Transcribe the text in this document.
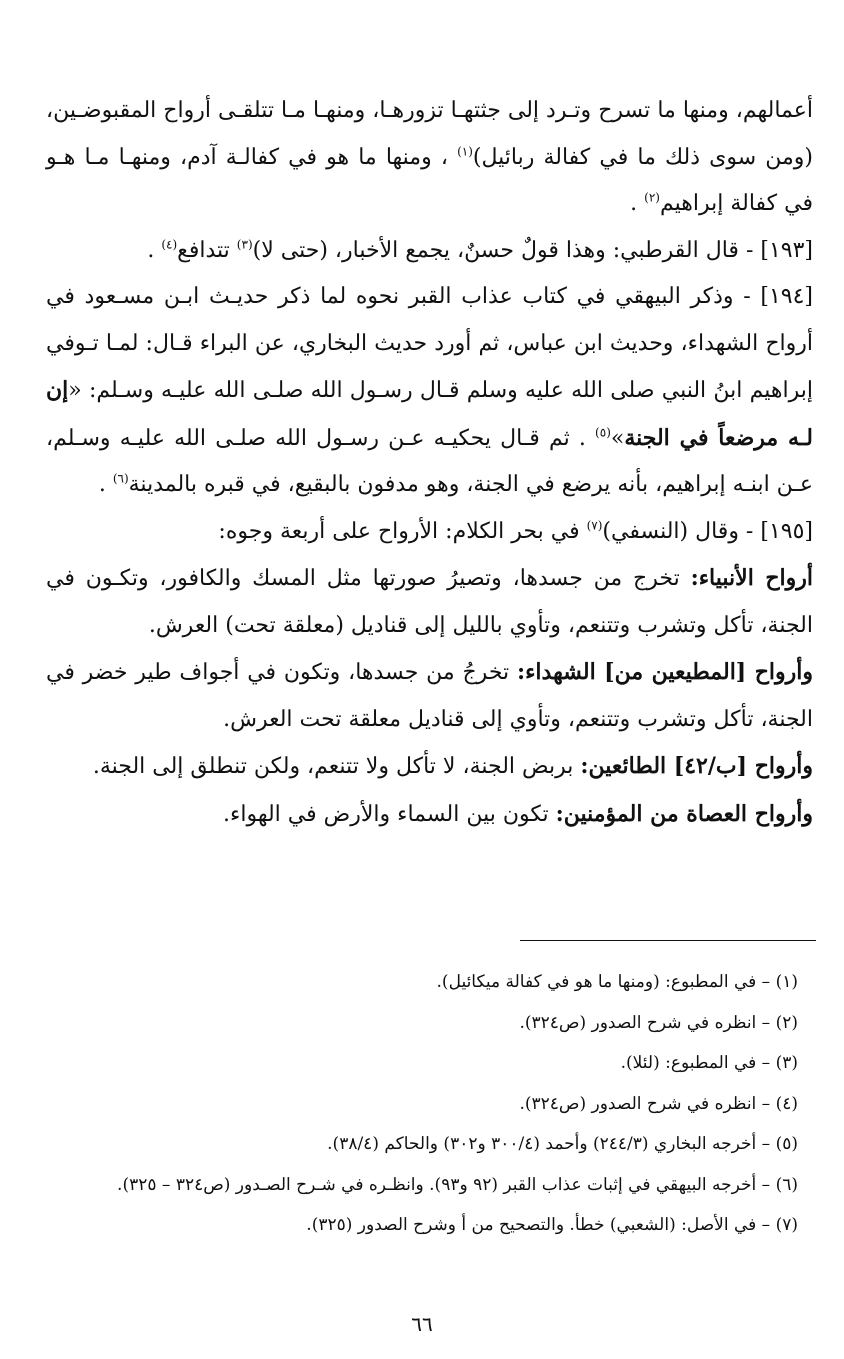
أعمالهم، ومنها ما تسرح وتـرد إلى جثتهـا تزورهـا، ومنهـا مـا تتلقـى أرواح المقبوضـين، (ومن سوى ذلك ما في كفالة ربائيل)$^{(١)}$ ، ومنها ما هو في كفالـة آدم، ومنهـا مـا هـو في كفالة إبراهيم$^{(٢)}$ .

[١٩٣] - قال القرطبي: وهذا قولٌ حسنٌ، يجمع الأخبار، (حتى لا)$^{(٣)}$ تتدافع$^{(٤)}$ .

[١٩٤] - وذكر البيهقي في كتاب عذاب القبر نحوه لما ذكر حديـث ابـن مسـعود في أرواح الشهداء، وحديث ابن عباس، ثم أورد حديث البخاري، عن البراء قـال: لمـا تـوفي إبراهيم ابنُ النبي صلى الله عليه وسلم قـال رسـول الله صلـى الله عليـه وسـلم: «إن لـه مرضعاً في الجنة»$^{(٥)}$ . ثم قـال يحكيـه عـن رسـول الله صلـى الله عليـه وسـلم، عـن ابنـه إبراهيم، بأنه يرضع في الجنة، وهو مدفون بالبقيع، في قبره بالمدينة$^{(٦)}$ .

[١٩٥] - وقال (النسفي)$^{(٧)}$ في بحر الكلام: الأرواح على أربعة وجوه:

أرواح الأنبياء: تخرج من جسدها، وتصيرُ صورتها مثل المسك والكافور، وتكـون في الجنة، تأكل وتشرب وتتنعم، وتأوي بالليل إلى قناديل (معلقة تحت) العرش.

وأرواح [المطيعين من] الشهداء: تخرجُ من جسدها، وتكون في أجواف طير خضر في الجنة، تأكل وتشرب وتتنعم، وتأوي إلى قناديل معلقة تحت العرش.

وأرواح [ب/٤٢] الطائعين: بربض الجنة، لا تأكل ولا تتنعم، ولكن تنطلق إلى الجنة.

وأرواح العصاة من المؤمنين: تكون بين السماء والأرض في الهواء.

(١) – في المطبوع: (ومنها ما هو في كفالة ميكائيل).
(٢) – انظره في شرح الصدور (ص٣٢٤).
(٣) – في المطبوع: (لئلا).
(٤) – انظره في شرح الصدور (ص٣٢٤).
(٥) – أخرجه البخاري (٢٤٤/٣) وأحمد (٣٠٠/٤ و٣٠٢) والحاكم (٣٨/٤).
(٦) – أخرجه البيهقي في إثبات عذاب القبر (٩٢ و٩٣). وانظـره في شـرح الصـدور (ص٣٢٤ – ٣٢٥).
(٧) – في الأصل: (الشعبي) خطأ. والتصحيح من أ وشرح الصدور (٣٢٥).
٦٦
